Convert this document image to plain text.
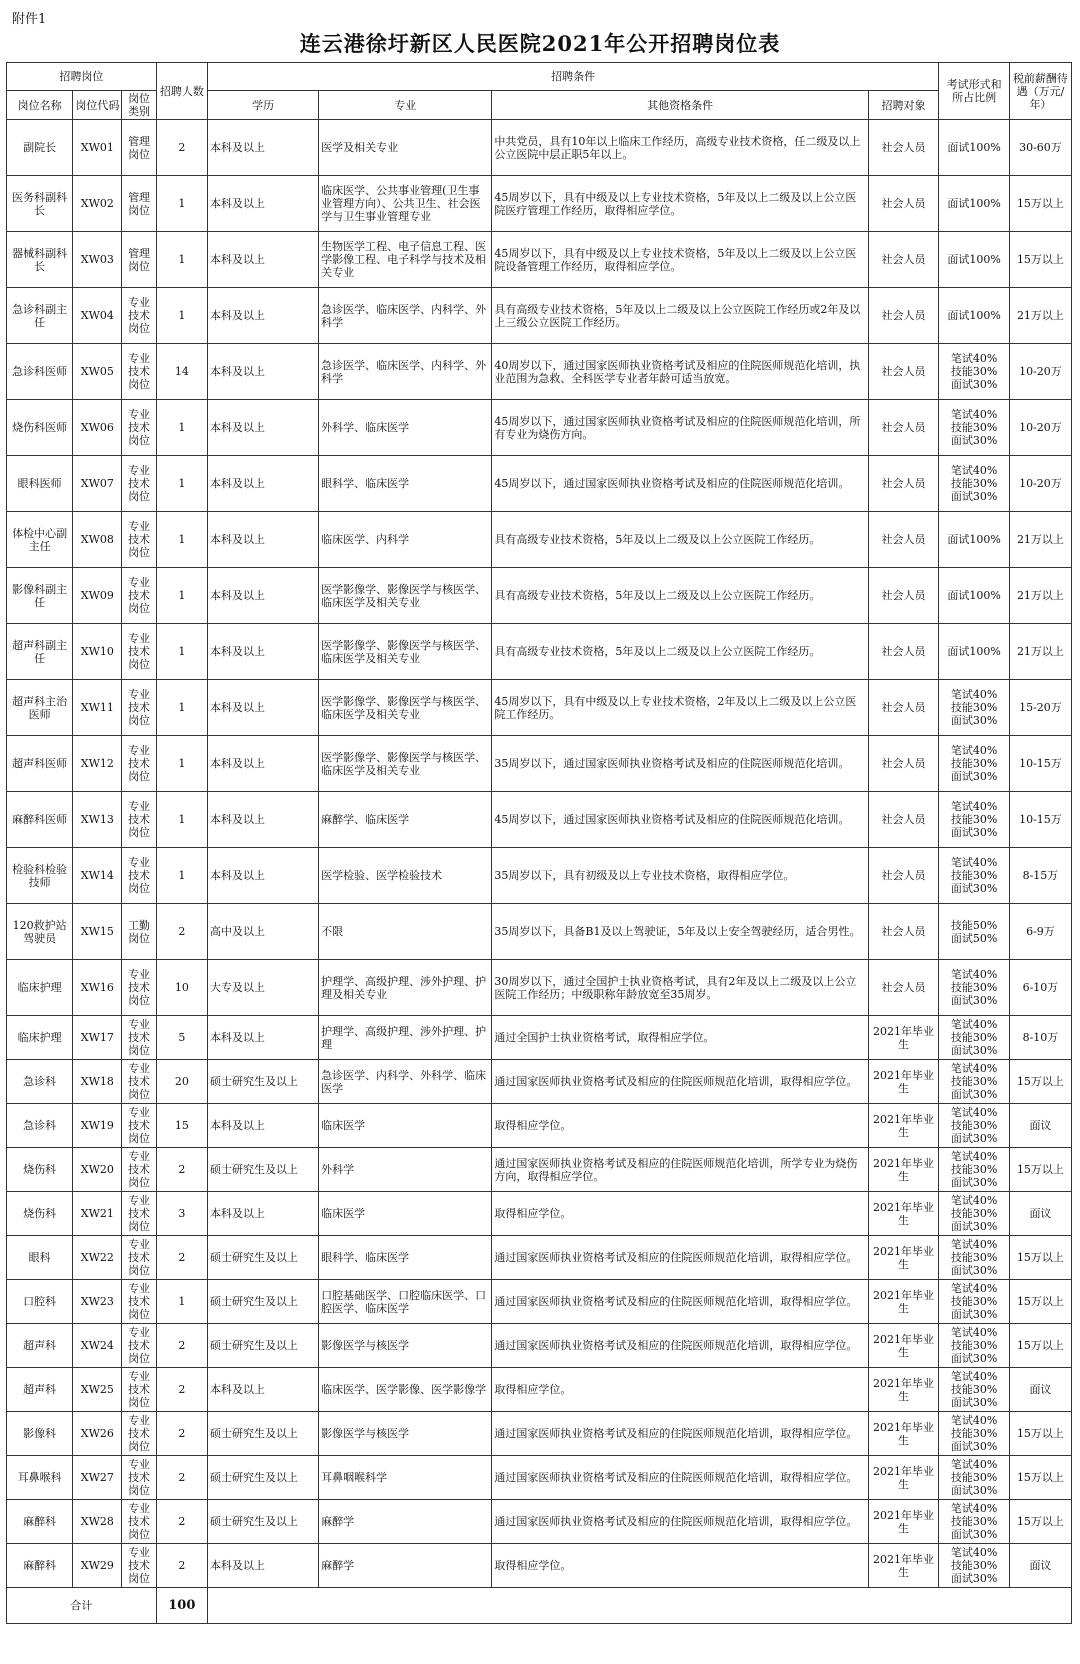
附件1
连云港徐圩新区人民医院2021年公开招聘岗位表
招聘岗位			招聘人数	招聘条件				考试形式和所占比例	税前薪酬待遇（万元/年）
岗位名称	岗位代码	岗位类别		学历	专业	其他资格条件	招聘对象		
副院长	XW01	管理岗位	2	本科及以上	医学及相关专业	中共党员，具有10年以上临床工作经历，高级专业技术资格，任二级及以上公立医院中层正职5年以上。	社会人员	面试100%	30-60万
医务科副科长	XW02	管理岗位	1	本科及以上	临床医学、公共事业管理(卫生事业管理方向）、公共卫生、社会医学与卫生事业管理专业	45周岁以下，具有中级及以上专业技术资格，5年及以上二级及以上公立医院医疗管理工作经历，取得相应学位。	社会人员	面试100%	15万以上
器械科副科长	XW03	管理岗位	1	本科及以上	生物医学工程、电子信息工程、医学影像工程、电子科学与技术及相关专业	45周岁以下，具有中级及以上专业技术资格，5年及以上二级及以上公立医院设备管理工作经历，取得相应学位。	社会人员	面试100%	15万以上
急诊科副主任	XW04	专业技术岗位	1	本科及以上	急诊医学、临床医学、内科学、外科学	具有高级专业技术资格，5年及以上二级及以上公立医院工作经历或2年及以上三级公立医院工作经历。	社会人员	面试100%	21万以上
急诊科医师	XW05	专业技术岗位	14	本科及以上	急诊医学、临床医学、内科学、外科学	40周岁以下，通过国家医师执业资格考试及相应的住院医师规范化培训，执业范围为急救、全科医学专业者年龄可适当放宽。	社会人员	笔试40%
技能30%
面试30%	10-20万
烧伤科医师	XW06	专业技术岗位	1	本科及以上	外科学、临床医学	45周岁以下，通过国家医师执业资格考试及相应的住院医师规范化培训，所有专业为烧伤方向。	社会人员	笔试40%
技能30%
面试30%	10-20万
眼科医师	XW07	专业技术岗位	1	本科及以上	眼科学、临床医学	45周岁以下，通过国家医师执业资格考试及相应的住院医师规范化培训。	社会人员	笔试40%
技能30%
面试30%	10-20万
体检中心副主任	XW08	专业技术岗位	1	本科及以上	临床医学、内科学	具有高级专业技术资格，5年及以上二级及以上公立医院工作经历。	社会人员	面试100%	21万以上
影像科副主任	XW09	专业技术岗位	1	本科及以上	医学影像学、影像医学与核医学、临床医学及相关专业	具有高级专业技术资格，5年及以上二级及以上公立医院工作经历。	社会人员	面试100%	21万以上
超声科副主任	XW10	专业技术岗位	1	本科及以上	医学影像学、影像医学与核医学、临床医学及相关专业	具有高级专业技术资格，5年及以上二级及以上公立医院工作经历。	社会人员	面试100%	21万以上
超声科主治医师	XW11	专业技术岗位	1	本科及以上	医学影像学、影像医学与核医学、临床医学及相关专业	45周岁以下，具有中级及以上专业技术资格，2年及以上二级及以上公立医院工作经历。	社会人员	笔试40%
技能30%
面试30%	15-20万
超声科医师	XW12	专业技术岗位	1	本科及以上	医学影像学、影像医学与核医学、临床医学及相关专业	35周岁以下，通过国家医师执业资格考试及相应的住院医师规范化培训。	社会人员	笔试40%
技能30%
面试30%	10-15万
麻醉科医师	XW13	专业技术岗位	1	本科及以上	麻醉学、临床医学	45周岁以下，通过国家医师执业资格考试及相应的住院医师规范化培训。	社会人员	笔试40%
技能30%
面试30%	10-15万
检验科检验技师	XW14	专业技术岗位	1	本科及以上	医学检验、医学检验技术	35周岁以下，具有初级及以上专业技术资格，取得相应学位。	社会人员	笔试40%
技能30%
面试30%	8-15万
120救护站驾驶员	XW15	工勤岗位	2	高中及以上	不限	35周岁以下，具备B1及以上驾驶证，5年及以上安全驾驶经历，适合男性。	社会人员	技能50%
面试50%	6-9万
临床护理	XW16	专业技术岗位	10	大专及以上	护理学、高级护理、涉外护理、护理及相关专业	30周岁以下，通过全国护士执业资格考试，具有2年及以上二级及以上公立医院工作经历；中级职称年龄放宽至35周岁。	社会人员	笔试40%
技能30%
面试30%	6-10万
临床护理	XW17	专业技术岗位	5	本科及以上	护理学、高级护理、涉外护理、护理	通过全国护士执业资格考试，取得相应学位。	2021年毕业生	笔试40%
技能30%
面试30%	8-10万
急诊科	XW18	专业技术岗位	20	硕士研究生及以上	急诊医学、内科学、外科学、临床医学	通过国家医师执业资格考试及相应的住院医师规范化培训，取得相应学位。	2021年毕业生	笔试40%
技能30%
面试30%	15万以上
急诊科	XW19	专业技术岗位	15	本科及以上	临床医学	取得相应学位。	2021年毕业生	笔试40%
技能30%
面试30%	面议
烧伤科	XW20	专业技术岗位	2	硕士研究生及以上	外科学	通过国家医师执业资格考试及相应的住院医师规范化培训，所学专业为烧伤方向，取得相应学位。	2021年毕业生	笔试40%
技能30%
面试30%	15万以上
烧伤科	XW21	专业技术岗位	3	本科及以上	临床医学	取得相应学位。	2021年毕业生	笔试40%
技能30%
面试30%	面议
眼科	XW22	专业技术岗位	2	硕士研究生及以上	眼科学、临床医学	通过国家医师执业资格考试及相应的住院医师规范化培训，取得相应学位。	2021年毕业生	笔试40%
技能30%
面试30%	15万以上
口腔科	XW23	专业技术岗位	1	硕士研究生及以上	口腔基础医学、口腔临床医学、口腔医学、临床医学	通过国家医师执业资格考试及相应的住院医师规范化培训，取得相应学位。	2021年毕业生	笔试40%
技能30%
面试30%	15万以上
超声科	XW24	专业技术岗位	2	硕士研究生及以上	影像医学与核医学	通过国家医师执业资格考试及相应的住院医师规范化培训，取得相应学位。	2021年毕业生	笔试40%
技能30%
面试30%	15万以上
超声科	XW25	专业技术岗位	2	本科及以上	临床医学、医学影像、医学影像学	取得相应学位。	2021年毕业生	笔试40%
技能30%
面试30%	面议
影像科	XW26	专业技术岗位	2	硕士研究生及以上	影像医学与核医学	通过国家医师执业资格考试及相应的住院医师规范化培训，取得相应学位。	2021年毕业生	笔试40%
技能30%
面试30%	15万以上
耳鼻喉科	XW27	专业技术岗位	2	硕士研究生及以上	耳鼻咽喉科学	通过国家医师执业资格考试及相应的住院医师规范化培训，取得相应学位。	2021年毕业生	笔试40%
技能30%
面试30%	15万以上
麻醉科	XW28	专业技术岗位	2	硕士研究生及以上	麻醉学	通过国家医师执业资格考试及相应的住院医师规范化培训，取得相应学位。	2021年毕业生	笔试40%
技能30%
面试30%	15万以上
麻醉科	XW29	专业技术岗位	2	本科及以上	麻醉学	取得相应学位。	2021年毕业生	笔试40%
技能30%
面试30%	面议
合计			100						
